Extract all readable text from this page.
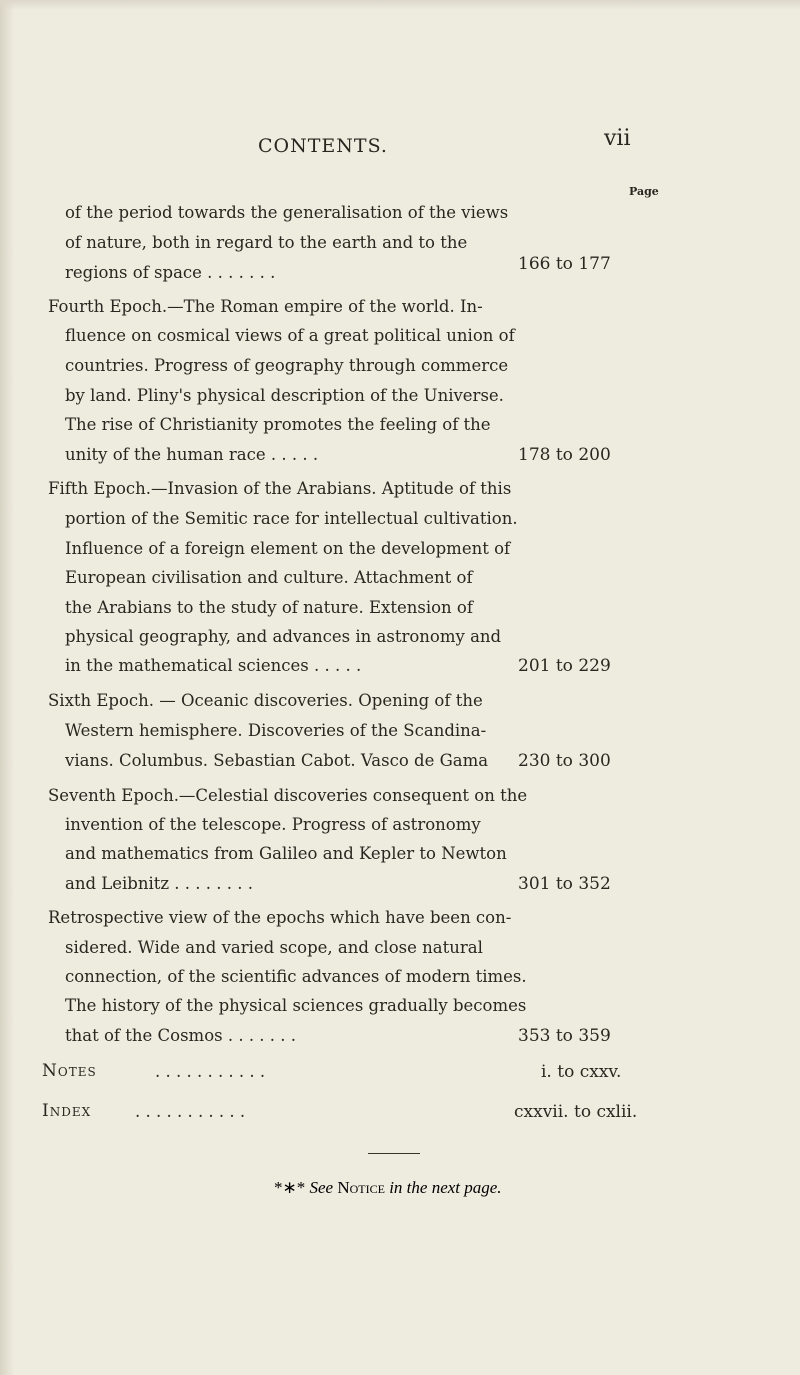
CONTENTS.	vii
Page
of the period towards the generalisation of the views
of nature, both in regard to the earth and to the
regions of space . . . . . . .	166 to 177
Fourth Epoch.—The Roman empire of the world. In-
fluence on cosmical views of a great political union of
countries. Progress of geography through commerce
by land. Pliny's physical description of the Universe.
The rise of Christianity promotes the feeling of the
unity of the human race . . . . .	178 to 200
Fifth Epoch.—Invasion of the Arabians. Aptitude of this
portion of the Semitic race for intellectual cultivation.
Influence of a foreign element on the development of
European civilisation and culture. Attachment of
the Arabians to the study of nature. Extension of
physical geography, and advances in astronomy and
in the mathematical sciences . . . . .	201 to 229
Sixth Epoch. — Oceanic discoveries. Opening of the
Western hemisphere. Discoveries of the Scandina-
vians. Columbus. Sebastian Cabot. Vasco de Gama 230 to 300
Seventh Epoch.—Celestial discoveries consequent on the
invention of the telescope. Progress of astronomy
and mathematics from Galileo and Kepler to Newton
and Leibnitz . . . . . . . .	301 to 352
Retrospective view of the epochs which have been con-
sidered. Wide and varied scope, and close natural
connection, of the scientific advances of modern times.
The history of the physical sciences gradually becomes
that of the Cosmos . . . . . . .	353 to 359
Notes	. . . . . . . . . . .	i. to cxxv.
Index	. . . . . . . . . . .	cxxvii. to cxlii.
*∗* See Notice in the next page.
